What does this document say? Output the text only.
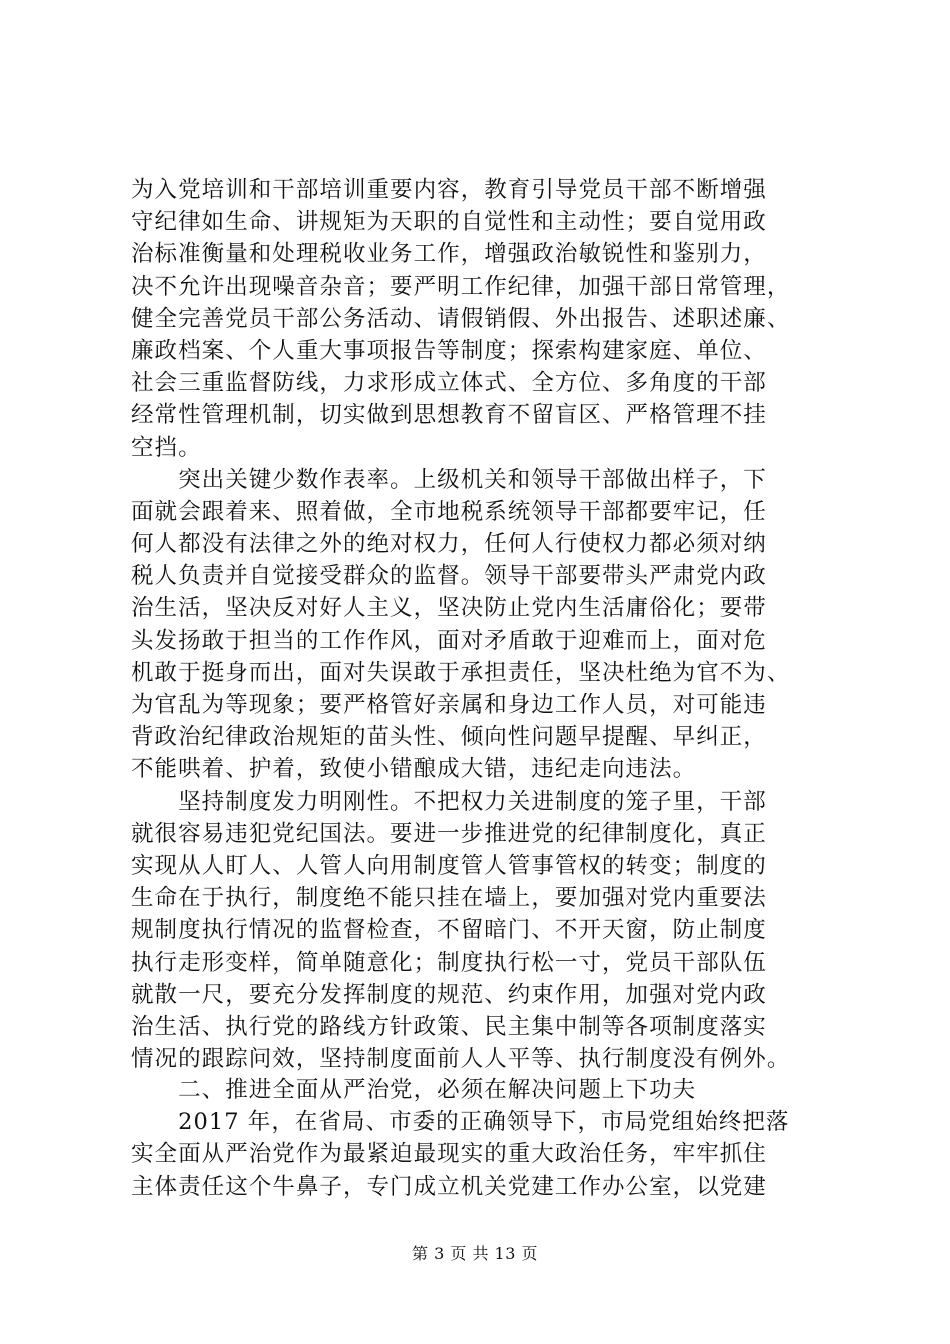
为入党培训和干部培训重要内容，教育引导党员干部不断增强
守纪律如生命、讲规矩为天职的自觉性和主动性；要自觉用政
治标准衡量和处理税收业务工作，增强政治敏锐性和鉴别力，
决不允许出现噪音杂音；要严明工作纪律，加强干部日常管理，
健全完善党员干部公务活动、请假销假、外出报告、述职述廉、
廉政档案、个人重大事项报告等制度；探索构建家庭、单位、
社会三重监督防线，力求形成立体式、全方位、多角度的干部
经常性管理机制，切实做到思想教育不留盲区、严格管理不挂
空挡。
　　突出关键少数作表率。上级机关和领导干部做出样子，下
面就会跟着来、照着做，全市地税系统领导干部都要牢记，任
何人都没有法律之外的绝对权力，任何人行使权力都必须对纳
税人负责并自觉接受群众的监督。领导干部要带头严肃党内政
治生活，坚决反对好人主义，坚决防止党内生活庸俗化；要带
头发扬敢于担当的工作作风，面对矛盾敢于迎难而上，面对危
机敢于挺身而出，面对失误敢于承担责任，坚决杜绝为官不为、
为官乱为等现象；要严格管好亲属和身边工作人员，对可能违
背政治纪律政治规矩的苗头性、倾向性问题早提醒、早纠正，
不能哄着、护着，致使小错酿成大错，违纪走向违法。
　　坚持制度发力明刚性。不把权力关进制度的笼子里，干部
就很容易违犯党纪国法。要进一步推进党的纪律制度化，真正
实现从人盯人、人管人向用制度管人管事管权的转变；制度的
生命在于执行，制度绝不能只挂在墙上，要加强对党内重要法
规制度执行情况的监督检查，不留暗门、不开天窗，防止制度
执行走形变样，简单随意化；制度执行松一寸，党员干部队伍
就散一尺，要充分发挥制度的规范、约束作用，加强对党内政
治生活、执行党的路线方针政策、民主集中制等各项制度落实
情况的跟踪问效，坚持制度面前人人平等、执行制度没有例外。
　　二、推进全面从严治党，必须在解决问题上下功夫
　　2017 年，在省局、市委的正确领导下，市局党组始终把落
实全面从严治党作为最紧迫最现实的重大政治任务，牢牢抓住
主体责任这个牛鼻子，专门成立机关党建工作办公室，以党建
第 3 页 共 13 页
